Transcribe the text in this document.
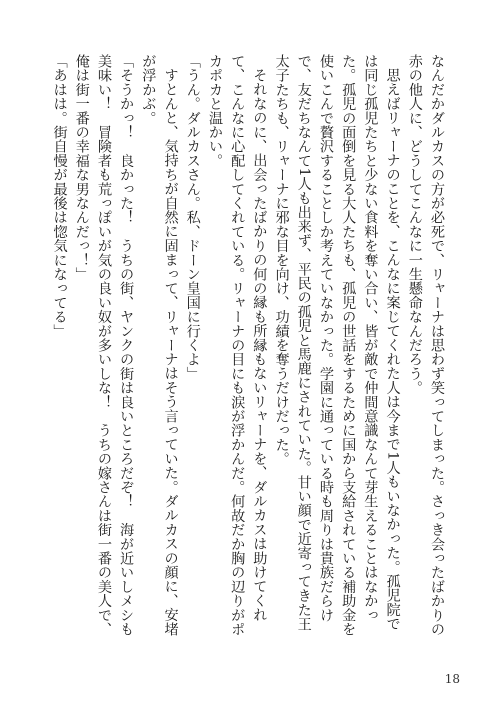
なんだかダルカスの方が必死で、リャーナは思わず笑ってしまった。さっき会ったばかりの赤の他人に、どうしてこんなに一生懸命なんだろう。

思えばリャーナのことを、こんなに案じてくれた人は今まで1人もいなかった。孤児院では同じ孤児たちと少ない食料を奪い合い、皆が敵で仲間意識なんて芽生えることはなかった。孤児の面倒を見る大人たちも、孤児の世話をするために国から支給されている補助金を使いこんで贅沢することしか考えていなかった。学園に通っている時も周りは貴族だらけで、友だちなんて1人も出来ず、平民の孤児と馬鹿にされていた。甘い顔で近寄ってきた王太子たちも、リャーナに邪な目を向け、功績を奪うだけだった。

それなのに、出会ったばかりの何の縁も所縁もないリャーナを、ダルカスは助けてくれて、こんなに心配してくれている。リャーナの目にも涙が浮かんだ。何故だか胸の辺りがポカポカと温かい。

「うん。ダルカスさん。私、ドーン皇国に行くよ」

すとんと、気持ちが自然に固まって、リャーナはそう言っていた。ダルカスの顔に、安堵が浮かぶ。

「そうかっ！　良かった！　うちの街、ヤンクの街は良いところだぞ！　海が近いしメシも美味い！　冒険者も荒っぽいが気の良い奴が多いしな！　うちの嫁さんは街一番の美人で、俺は街一番の幸福な男なんだっ！」

「あはは。街自慢が最後は惚気になってる」

18
